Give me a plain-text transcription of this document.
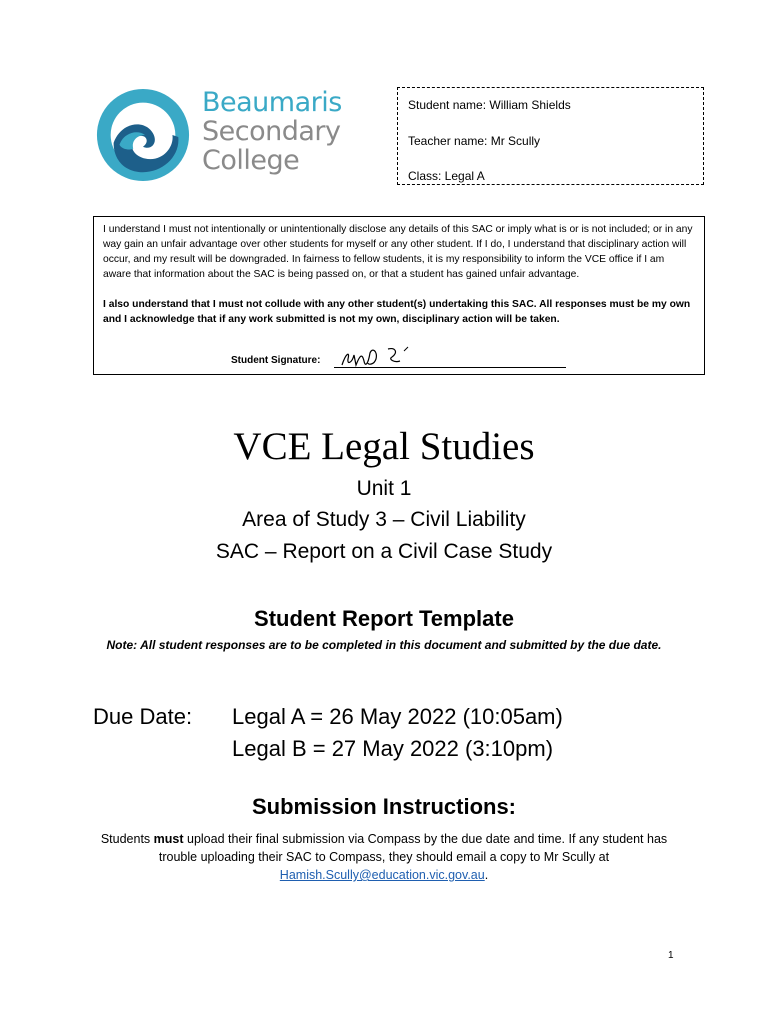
Beaumaris
Secondary
College
Student name: William Shields
Teacher name: Mr Scully
Class: Legal A

I understand I must not intentionally or unintentionally disclose any details of this SAC or imply what is or is not included; or in any way gain an unfair advantage over other students for myself or any other student. If I do, I understand that disciplinary action will occur, and my result will be downgraded. In fairness to fellow students, it is my responsibility to inform the VCE office if I am aware that information about the SAC is being passed on, or that a student has gained unfair advantage.

I also understand that I must not collude with any other student(s) undertaking this SAC. All responses must be my own and I acknowledge that if any work submitted is not my own, disciplinary action will be taken.

Student Signature:
VCE Legal Studies
Unit 1
Area of Study 3 – Civil Liability
SAC – Report on a Civil Case Study
Student Report Template
Note: All student responses are to be completed in this document and submitted by the due date.
Due Date: Legal A = 26 May 2022 (10:05am)
Legal B = 27 May 2022 (3:10pm)
Submission Instructions:
Students must upload their final submission via Compass by the due date and time. If any student has trouble uploading their SAC to Compass, they should email a copy to Mr Scully at Hamish.Scully@education.vic.gov.au.
1
